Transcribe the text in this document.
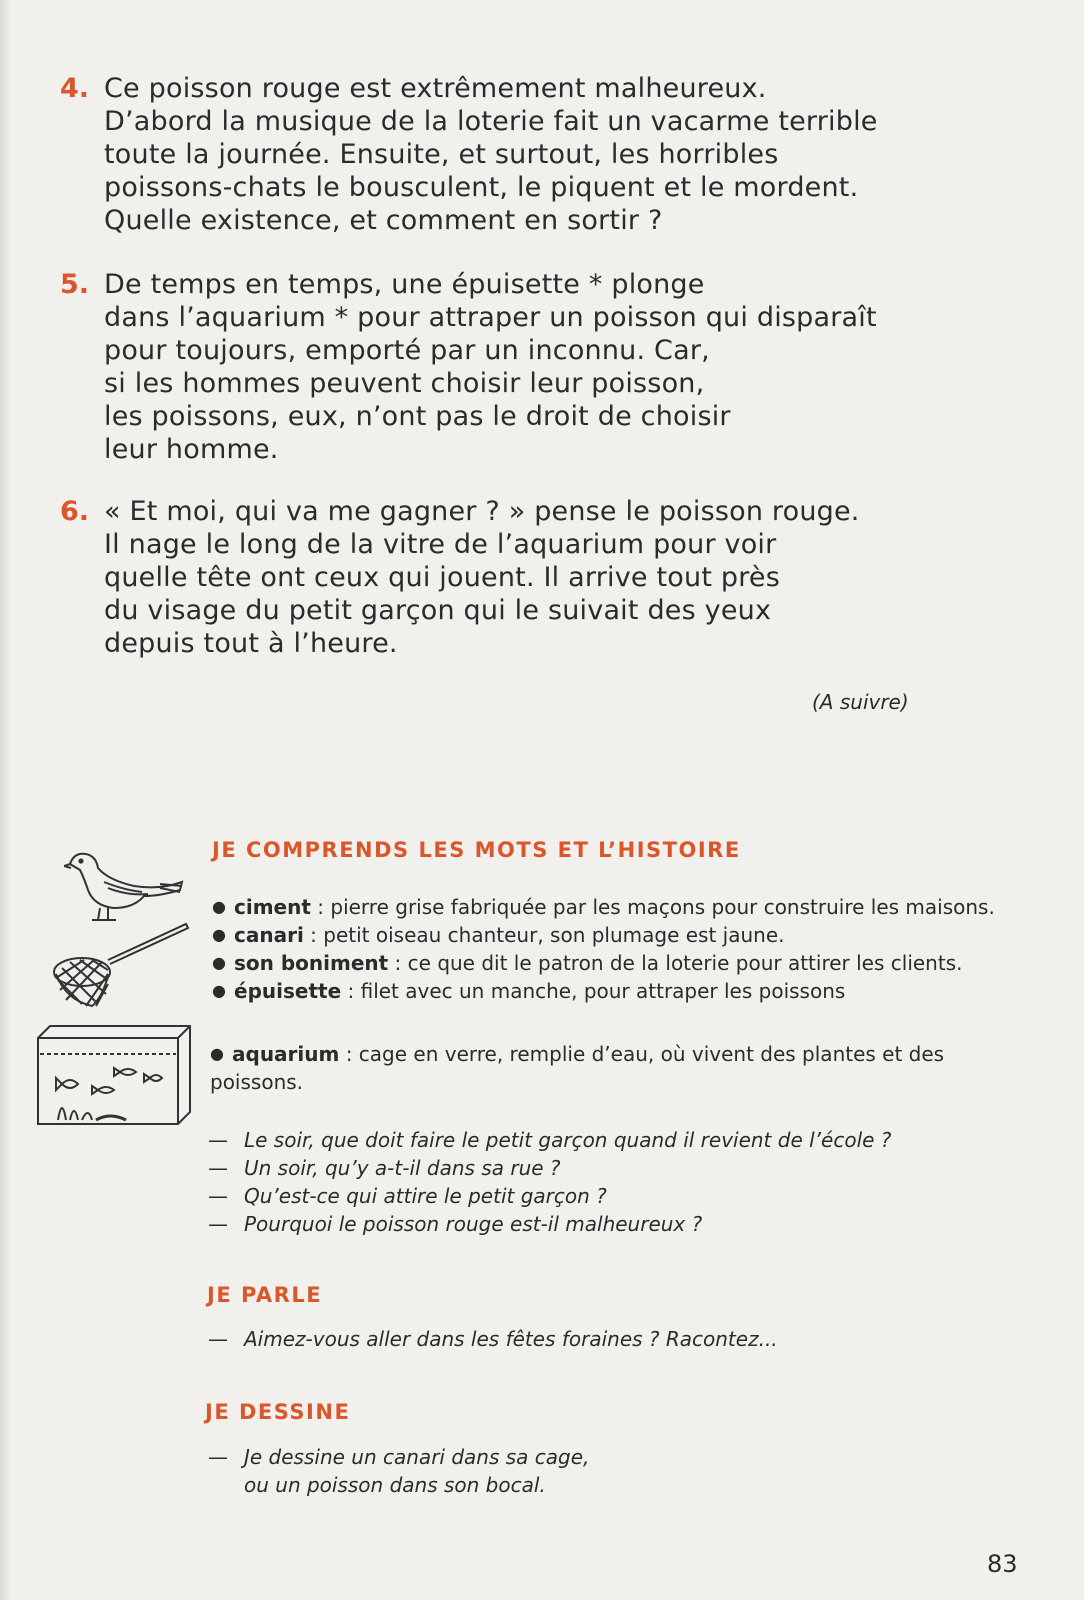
4. Ce poisson rouge est extrêmement malheureux.
D’abord la musique de la loterie fait un vacarme terrible
toute la journée. Ensuite, et surtout, les horribles
poissons-chats le bousculent, le piquent et le mordent.
Quelle existence, et comment en sortir ?
5. De temps en temps, une épuisette * plonge
dans l’aquarium * pour attraper un poisson qui disparaît
pour toujours, emporté par un inconnu. Car,
si les hommes peuvent choisir leur poisson,
les poissons, eux, n’ont pas le droit de choisir
leur homme.
6. « Et moi, qui va me gagner ? » pense le poisson rouge.
Il nage le long de la vitre de l’aquarium pour voir
quelle tête ont ceux qui jouent. Il arrive tout près
du visage du petit garçon qui le suivait des yeux
depuis tout à l’heure.
(A suivre)
JE COMPRENDS LES MOTS ET L’HISTOIRE
● ciment : pierre grise fabriquée par les maçons pour construire les maisons.
● canari : petit oiseau chanteur, son plumage est jaune.
● son boniment : ce que dit le patron de la loterie pour attirer les clients.
● épuisette : filet avec un manche, pour attraper les poissons
● aquarium : cage en verre, remplie d’eau, où vivent des plantes et des poissons.
— Le soir, que doit faire le petit garçon quand il revient de l’école ?
— Un soir, qu’y a-t-il dans sa rue ?
— Qu’est-ce qui attire le petit garçon ?
— Pourquoi le poisson rouge est-il malheureux ?
JE PARLE
— Aimez-vous aller dans les fêtes foraines ? Racontez...
JE DESSINE
— Je dessine un canari dans sa cage,
ou un poisson dans son bocal.
83
